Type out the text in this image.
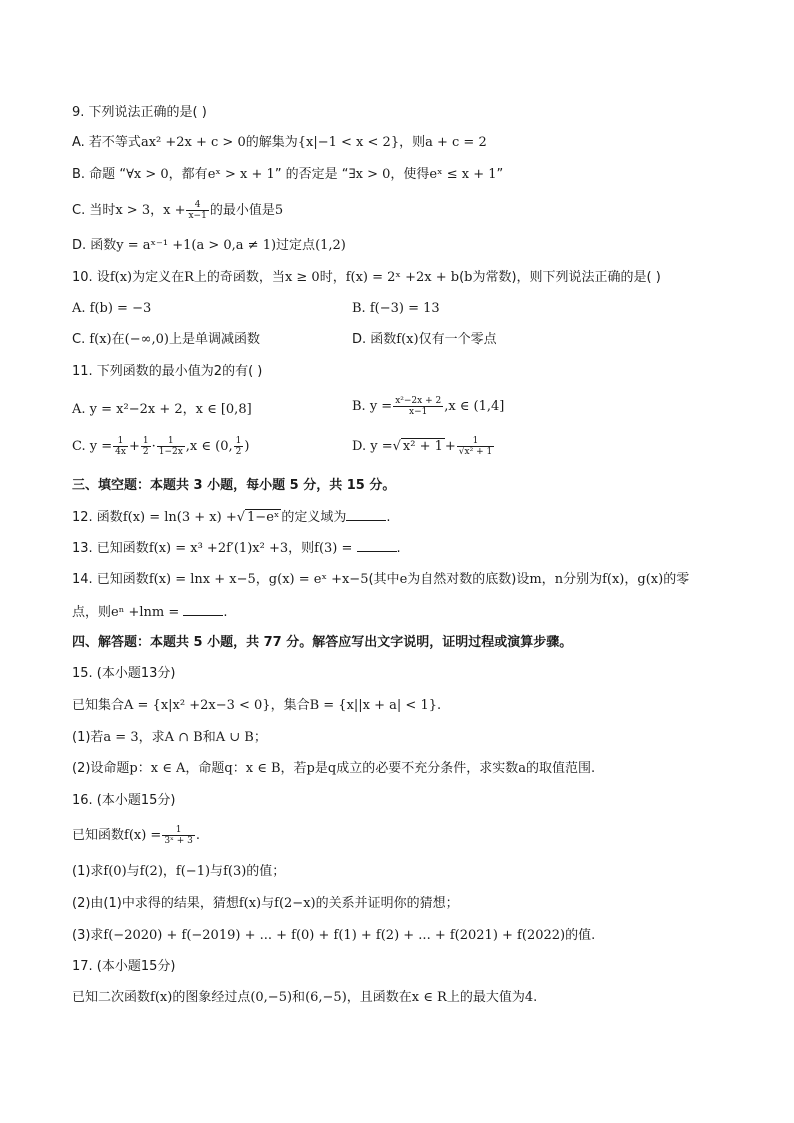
9. 下列说法正确的是( )
A. 若不等式ax² +2x + c > 0的解集为{x|−1 < x < 2}，则a + c = 2
B. 命题 “∀x > 0，都有eˣ > x + 1” 的否定是 “∃x > 0，使得eˣ ≤ x + 1”
C. 当时x > 3，$x + \frac{4}{x-1}$ 的最小值是5
D. 函数y = aˣ⁻¹ +1(a > 0,a ≠ 1)过定点(1,2)
10. 设f(x)为定义在R上的奇函数，当x ≥ 0时，f(x) = 2ˣ +2x + b(b为常数)，则下列说法正确的是( )
A. f(b) = −3	B. f(−3) = 13
C. f(x)在(−∞,0)上是单调减函数	D. 函数f(x)仅有一个零点
11. 下列函数的最小值为2的有( )
A. y = x²−2x + 2，x ∈ [0,8]	B. $y = \frac{\text{x²−2x + 2}}{x-1} ,x$ ∈ (1,4]
C. $y = \frac{1}{4x} + \frac{1}{2} \cdot \frac{1}{1-2x} ,x$ ∈ (0, $\frac{1}{2}$ )	D. y =√ $x^2 + 1 + \frac{1}{\text{√x² + 1}}$
三、填空题：本题共 3 小题，每小题 5 分，共 15 分。
12. 函数f(x) = ln(3 + x) +√ 1−eˣ 的定义域为	.
13. 已知函数f(x) = x³ +2f′(1)x² +3，则f(3) =	.
14. 已知函数f(x) = lnx + x−5，g(x) = eˣ +x−5(其中e为自然对数的底数)设m，n分别为f(x)，g(x)的零
点，则eⁿ +lnm =	.
四、解答题：本题共 5 小题，共 77 分。解答应写出文字说明，证明过程或演算步骤。
15. (本小题13分)
已知集合A = {x|x² +2x−3 < 0}，集合B = {x||x + a| < 1}.
(1)若a = 3，求A ∩ B和A ∪ B；
(2)设命题p：x ∈ A，命题q：x ∈ B，若p是q成立的必要不充分条件，求实数a的取值范围.
16. (本小题15分)
已知函数$f(x) = \frac{1}{\text{3ˣ + 3}}$ .
(1)求f(0)与f(2)，f(−1)与f(3)的值；
(2)由(1)中求得的结果，猜想f(x)与f(2−x)的关系并证明你的猜想；
(3)求f(−2020) + f(−2019) + ... + f(0) + f(1) + f(2) + ... + f(2021) + f(2022)的值.
17. (本小题15分)
已知二次函数f(x)的图象经过点(0,−5)和(6,−5)，且函数在x ∈ R上的最大值为4.
